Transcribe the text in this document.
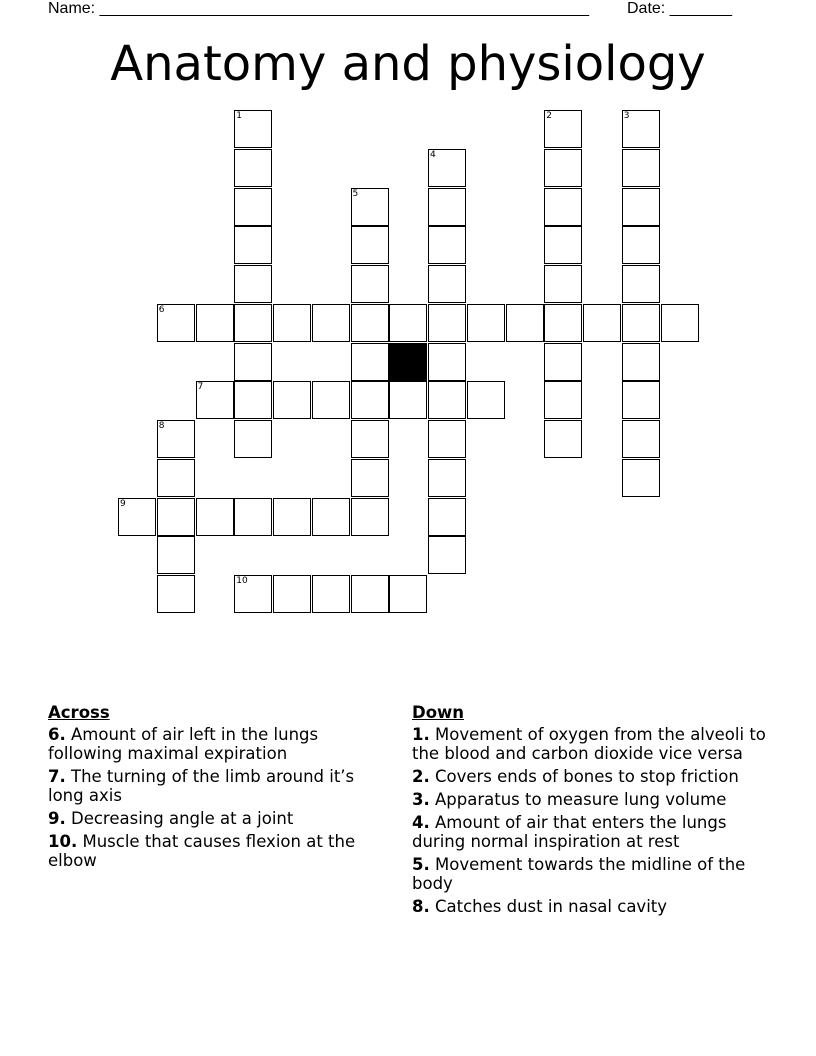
Name: _______________________________________________________ Date: _______
Anatomy and physiology
1	2	3
4
5
6
7
8
9
10
Across
6. Amount of air left in the lungs following maximal expiration
7. The turning of the limb around it’s long axis
9. Decreasing angle at a joint
10. Muscle that causes flexion at the elbow
Down
1. Movement of oxygen from the alveoli to the blood and carbon dioxide vice versa
2. Covers ends of bones to stop friction
3. Apparatus to measure lung volume
4. Amount of air that enters the lungs during normal inspiration at rest
5. Movement towards the midline of the body
8. Catches dust in nasal cavity
